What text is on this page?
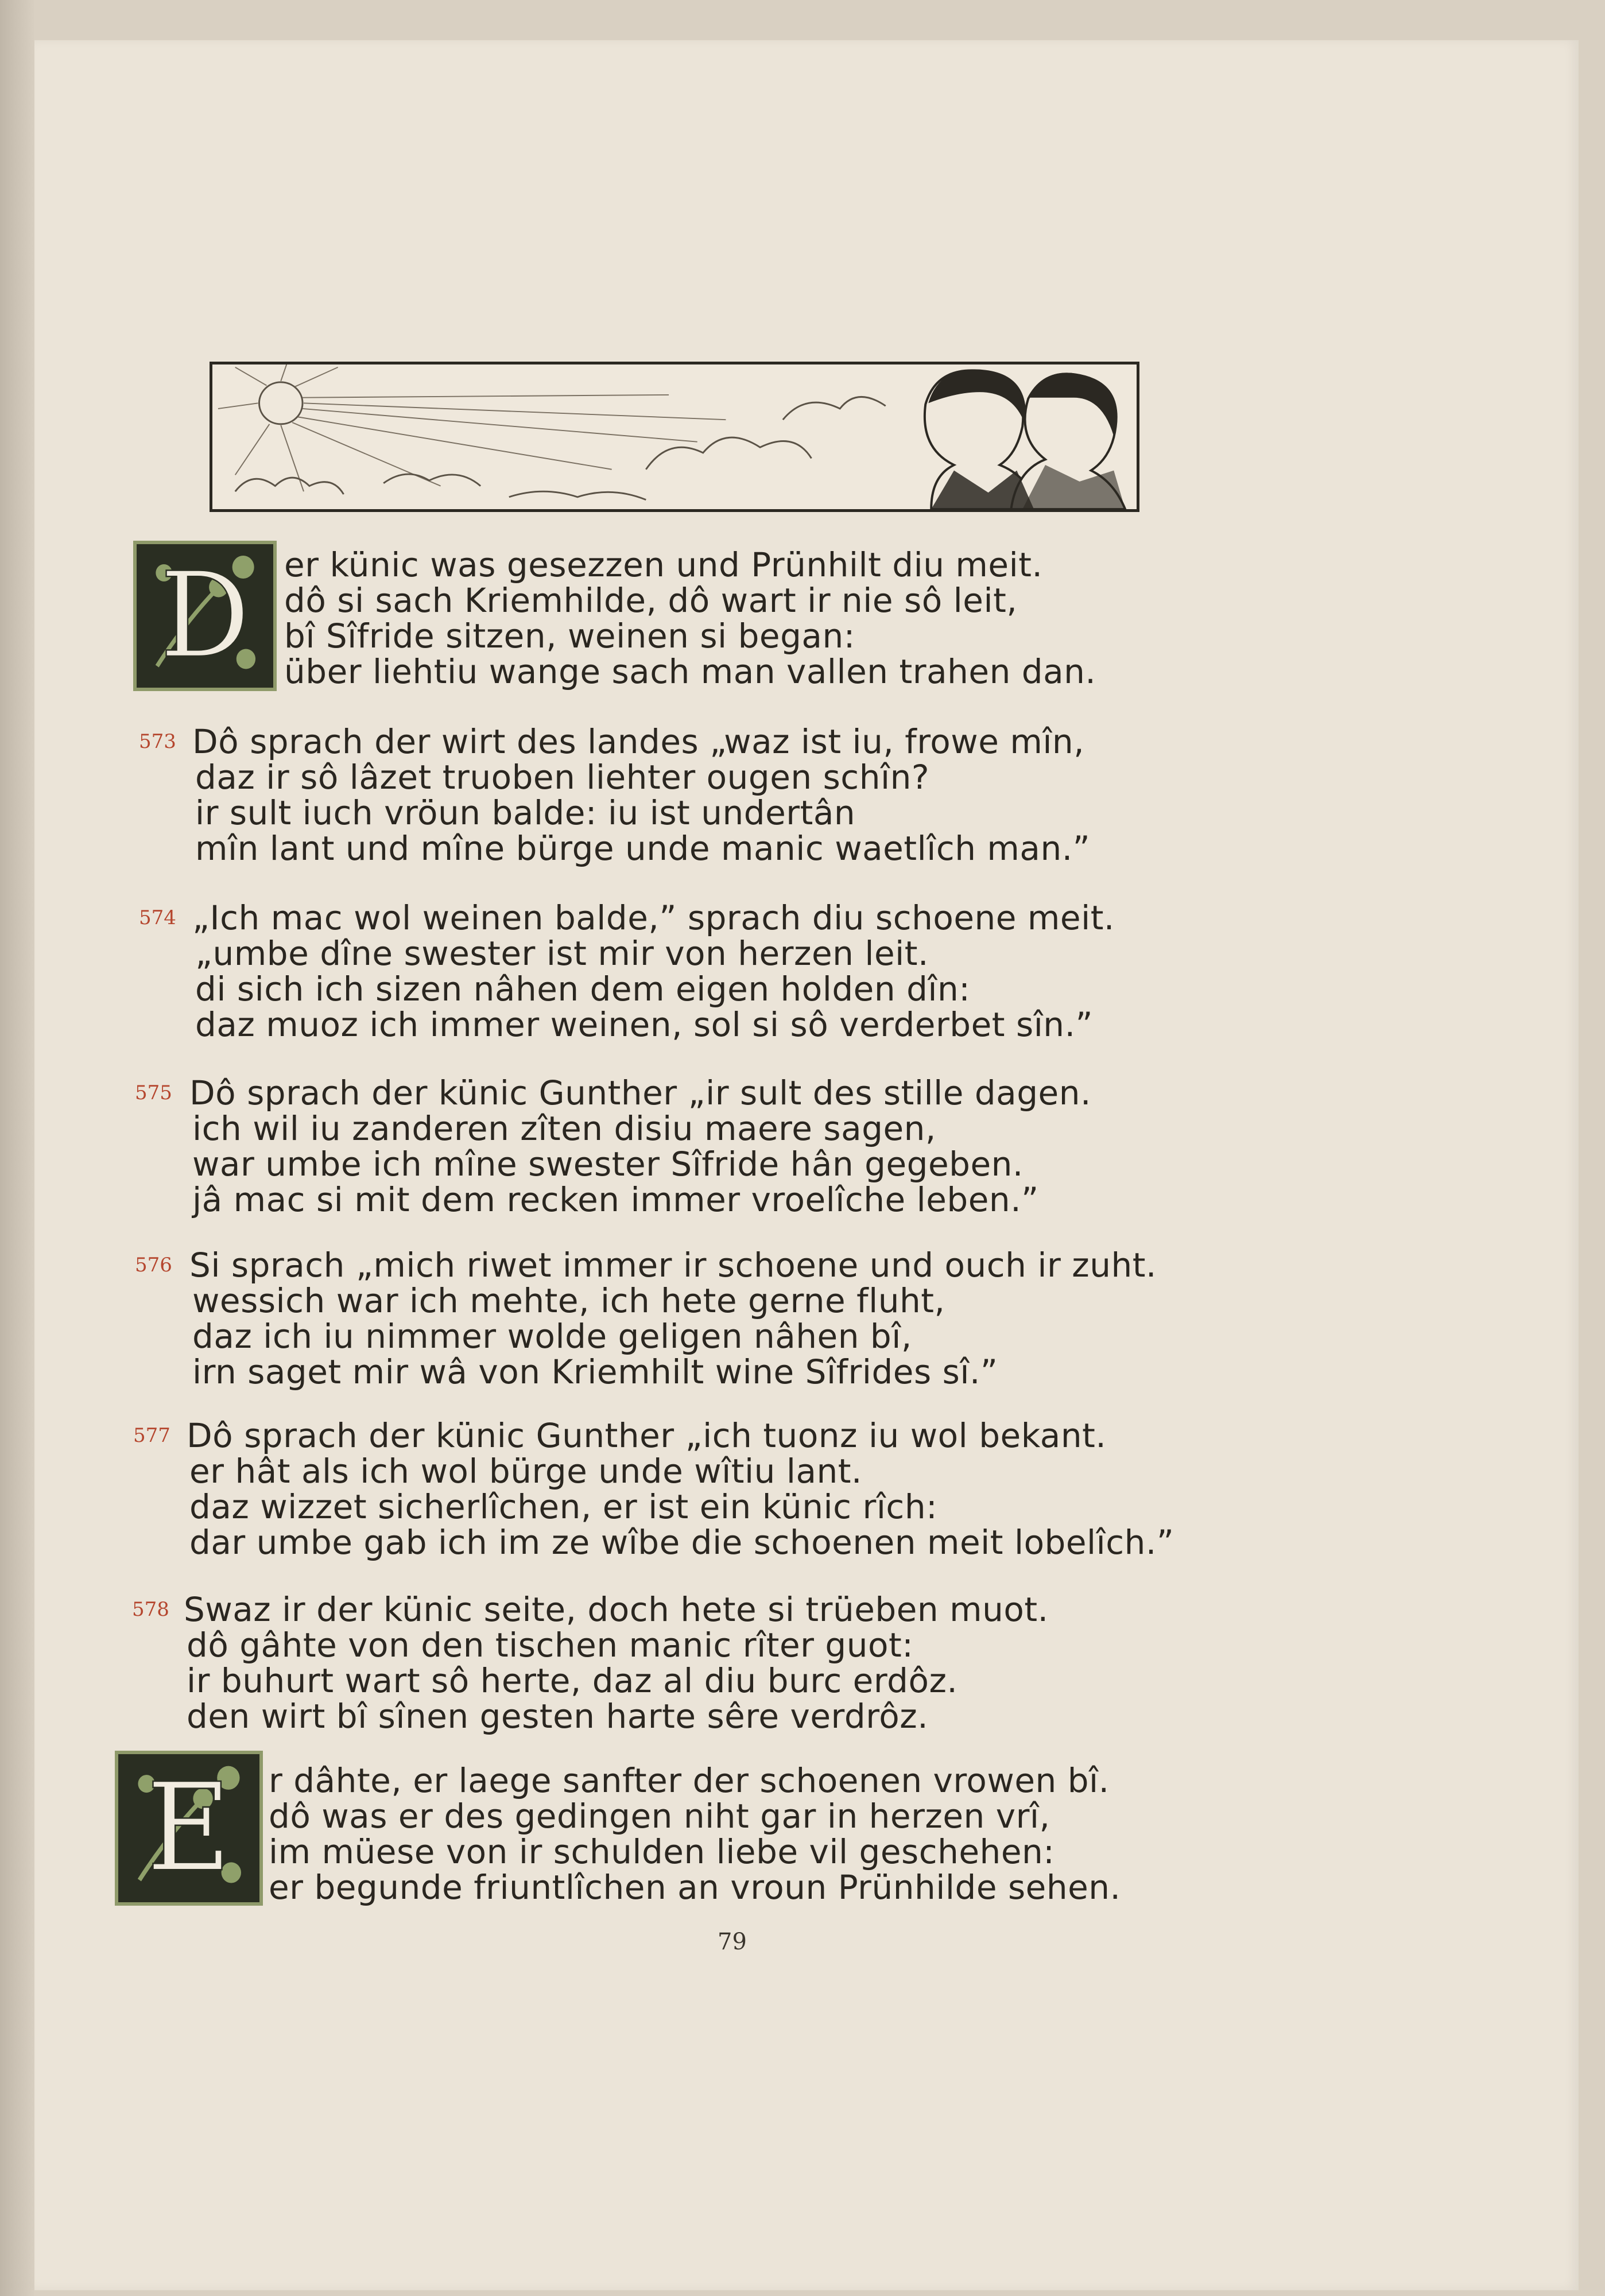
D er künic was gesezzen und Prünhilt diu meit.
dô si sach Kriemhilde, dô wart ir nie sô leit,
bî Sîfride sitzen, weinen si began:
über liehtiu wange sach man vallen trahen dan.
573 Dô sprach der wirt des landes „waz ist iu, frowe mîn,
daz ir sô lâzet truoben liehter ougen schîn?
ir sult iuch vröun balde: iu ist undertân
mîn lant und mîne bürge unde manic waetlîch man.”
574 „Ich mac wol weinen balde,” sprach diu schoene meit.
„umbe dîne swester ist mir von herzen leit.
di sich ich sizen nâhen dem eigen holden dîn:
daz muoz ich immer weinen, sol si sô verderbet sîn.”
575 Dô sprach der künic Gunther „ir sult des stille dagen.
ich wil iu zanderen zîten disiu maere sagen,
war umbe ich mîne swester Sîfride hân gegeben.
jâ mac si mit dem recken immer vroelîche leben.”
576 Si sprach „mich riwet immer ir schoene und ouch ir zuht.
wessich war ich mehte, ich hete gerne fluht,
daz ich iu nimmer wolde geligen nâhen bî,
irn saget mir wâ von Kriemhilt wine Sîfrides sî.”
577 Dô sprach der künic Gunther „ich tuonz iu wol bekant.
er hât als ich wol bürge unde wîtiu lant.
daz wizzet sicherlîchen, er ist ein künic rîch:
dar umbe gab ich im ze wîbe die schoenen meit lobelîch.”
578 Swaz ir der künic seite, doch hete si trüeben muot.
dô gâhte von den tischen manic rîter guot:
ir buhurt wart sô herte, daz al diu burc erdôz.
den wirt bî sînen gesten harte sêre verdrôz.
E r dâhte, er laege sanfter der schoenen vrowen bî.
dô was er des gedingen niht gar in herzen vrî,
im müese von ir schulden liebe vil geschehen:
er begunde friuntlîchen an vroun Prünhilde sehen.
79
